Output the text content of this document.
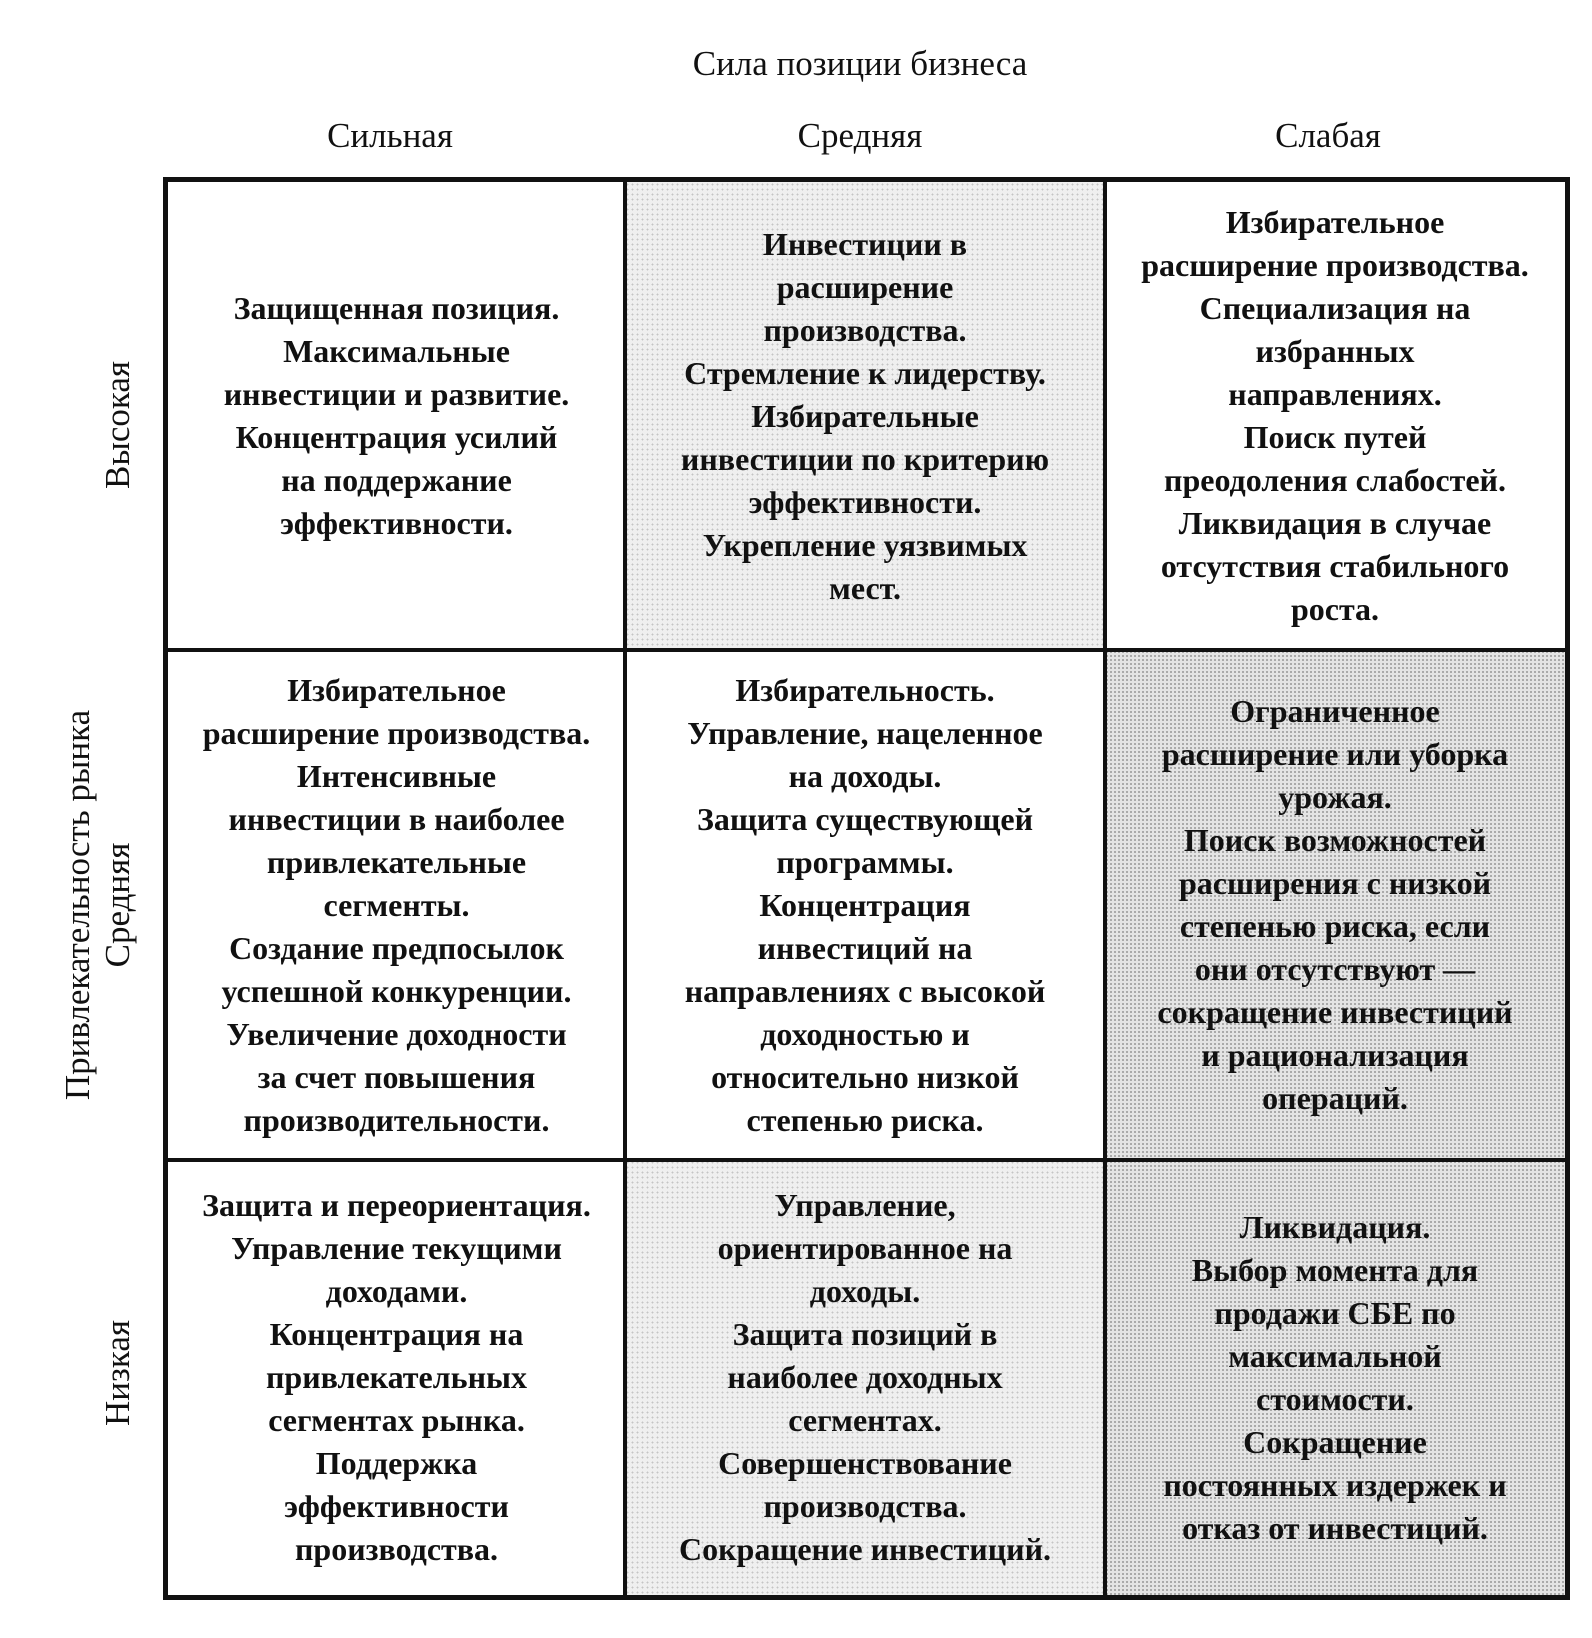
Сила позиции бизнеса
Сильная	Средняя	Слабая
Привлекательность рынка
Высокая
Средняя
Низкая
Защищенная позиция.
Максимальные
инвестиции и развитие.
Концентрация усилий
на поддержание
эффективности.
Инвестиции в
расширение
производства.
Стремление к лидерству.
Избирательные
инвестиции по критерию
эффективности.
Укрепление уязвимых
мест.
Избирательное
расширение производства.
Специализация на
избранных
направлениях.
Поиск путей
преодоления слабостей.
Ликвидация в случае
отсутствия стабильного
роста.
Избирательное
расширение производства.
Интенсивные
инвестиции в наиболее
привлекательные
сегменты.
Создание предпосылок
успешной конкуренции.
Увеличение доходности
за счет повышения
производительности.
Избирательность.
Управление, нацеленное
на доходы.
Защита существующей
программы.
Концентрация
инвестиций на
направлениях с высокой
доходностью и
относительно низкой
степенью риска.
Ограниченное
расширение или уборка
урожая.
Поиск возможностей
расширения с низкой
степенью риска, если
они отсутствуют —
сокращение инвестиций
и рационализация
операций.
Защита и переориентация.
Управление текущими
доходами.
Концентрация на
привлекательных
сегментах рынка.
Поддержка
эффективности
производства.
Управление,
ориентированное на
доходы.
Защита позиций в
наиболее доходных
сегментах.
Совершенствование
производства.
Сокращение инвестиций.
Ликвидация.
Выбор момента для
продажи СБЕ по
максимальной
стоимости.
Сокращение
постоянных издержек и
отказ от инвестиций.
